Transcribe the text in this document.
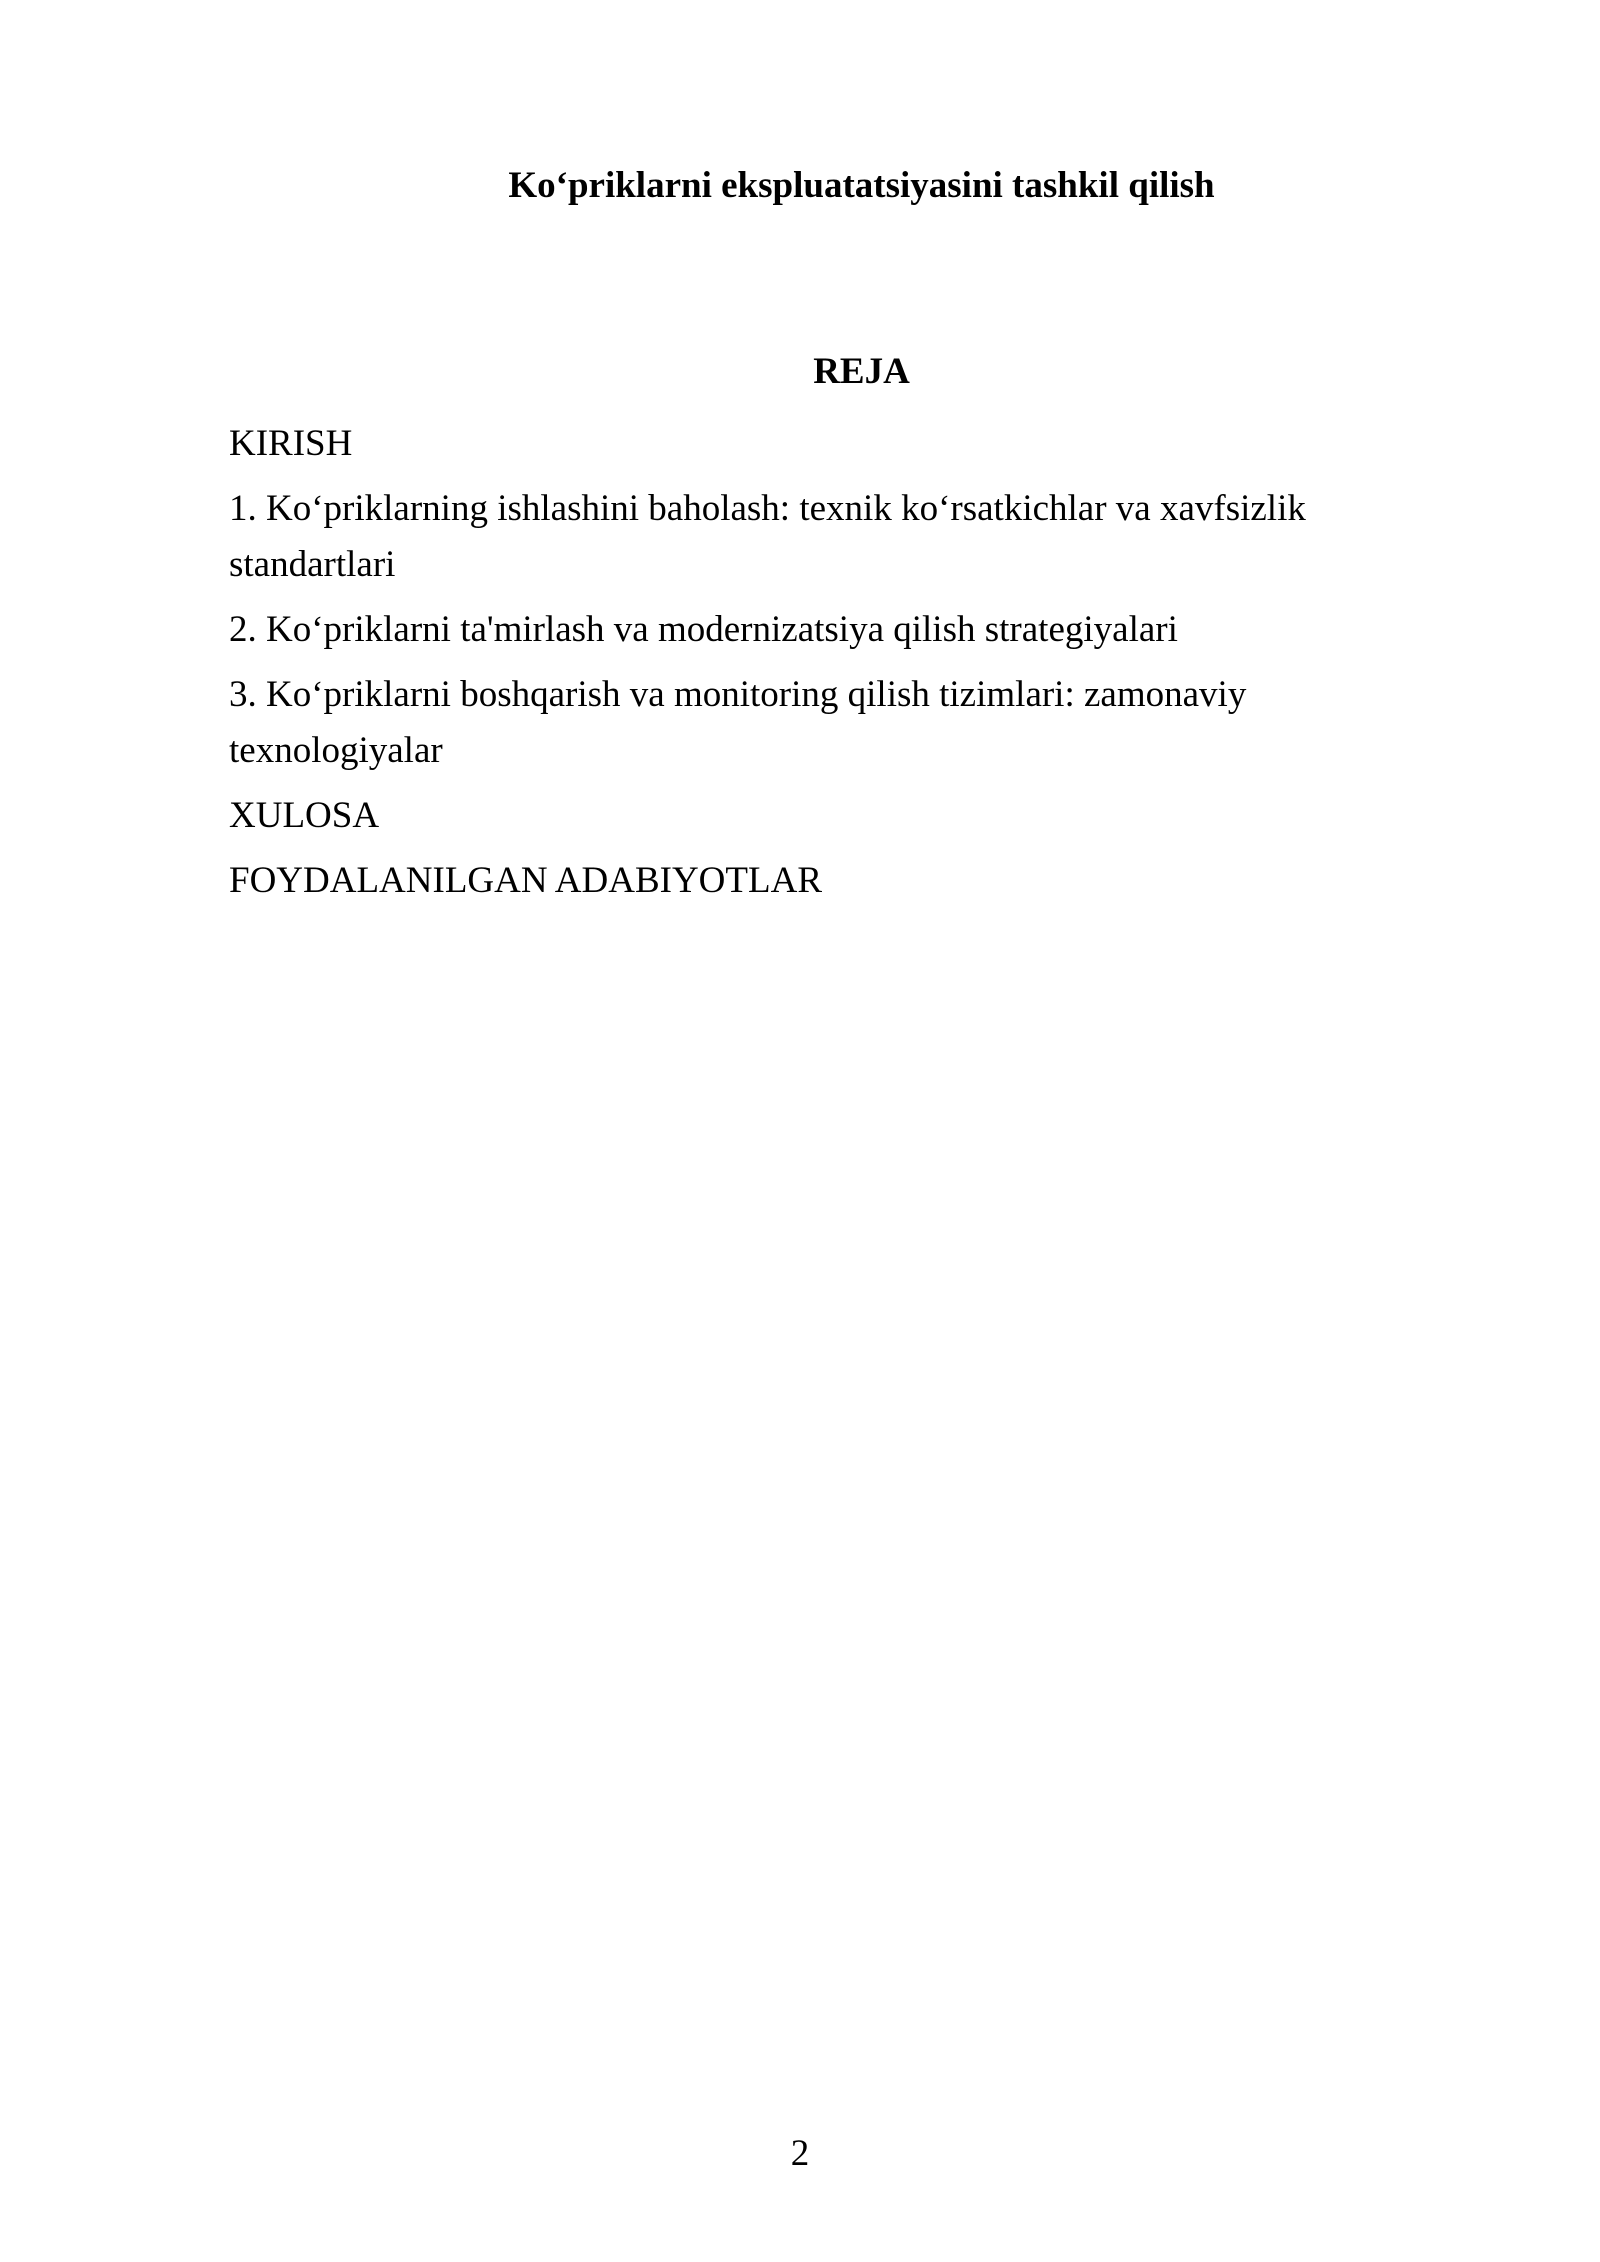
Ko‘priklarni ekspluatatsiyasini tashkil qilish
REJA
KIRISH
1. Ko‘priklarning ishlashini baholash: texnik ko‘rsatkichlar va xavfsizlik standartlari
2. Ko‘priklarni ta'mirlash va modernizatsiya qilish strategiyalari
3. Ko‘priklarni boshqarish va monitoring qilish tizimlari: zamonaviy texnologiyalar
XULOSA
FOYDALANILGAN ADABIYOTLAR
2
